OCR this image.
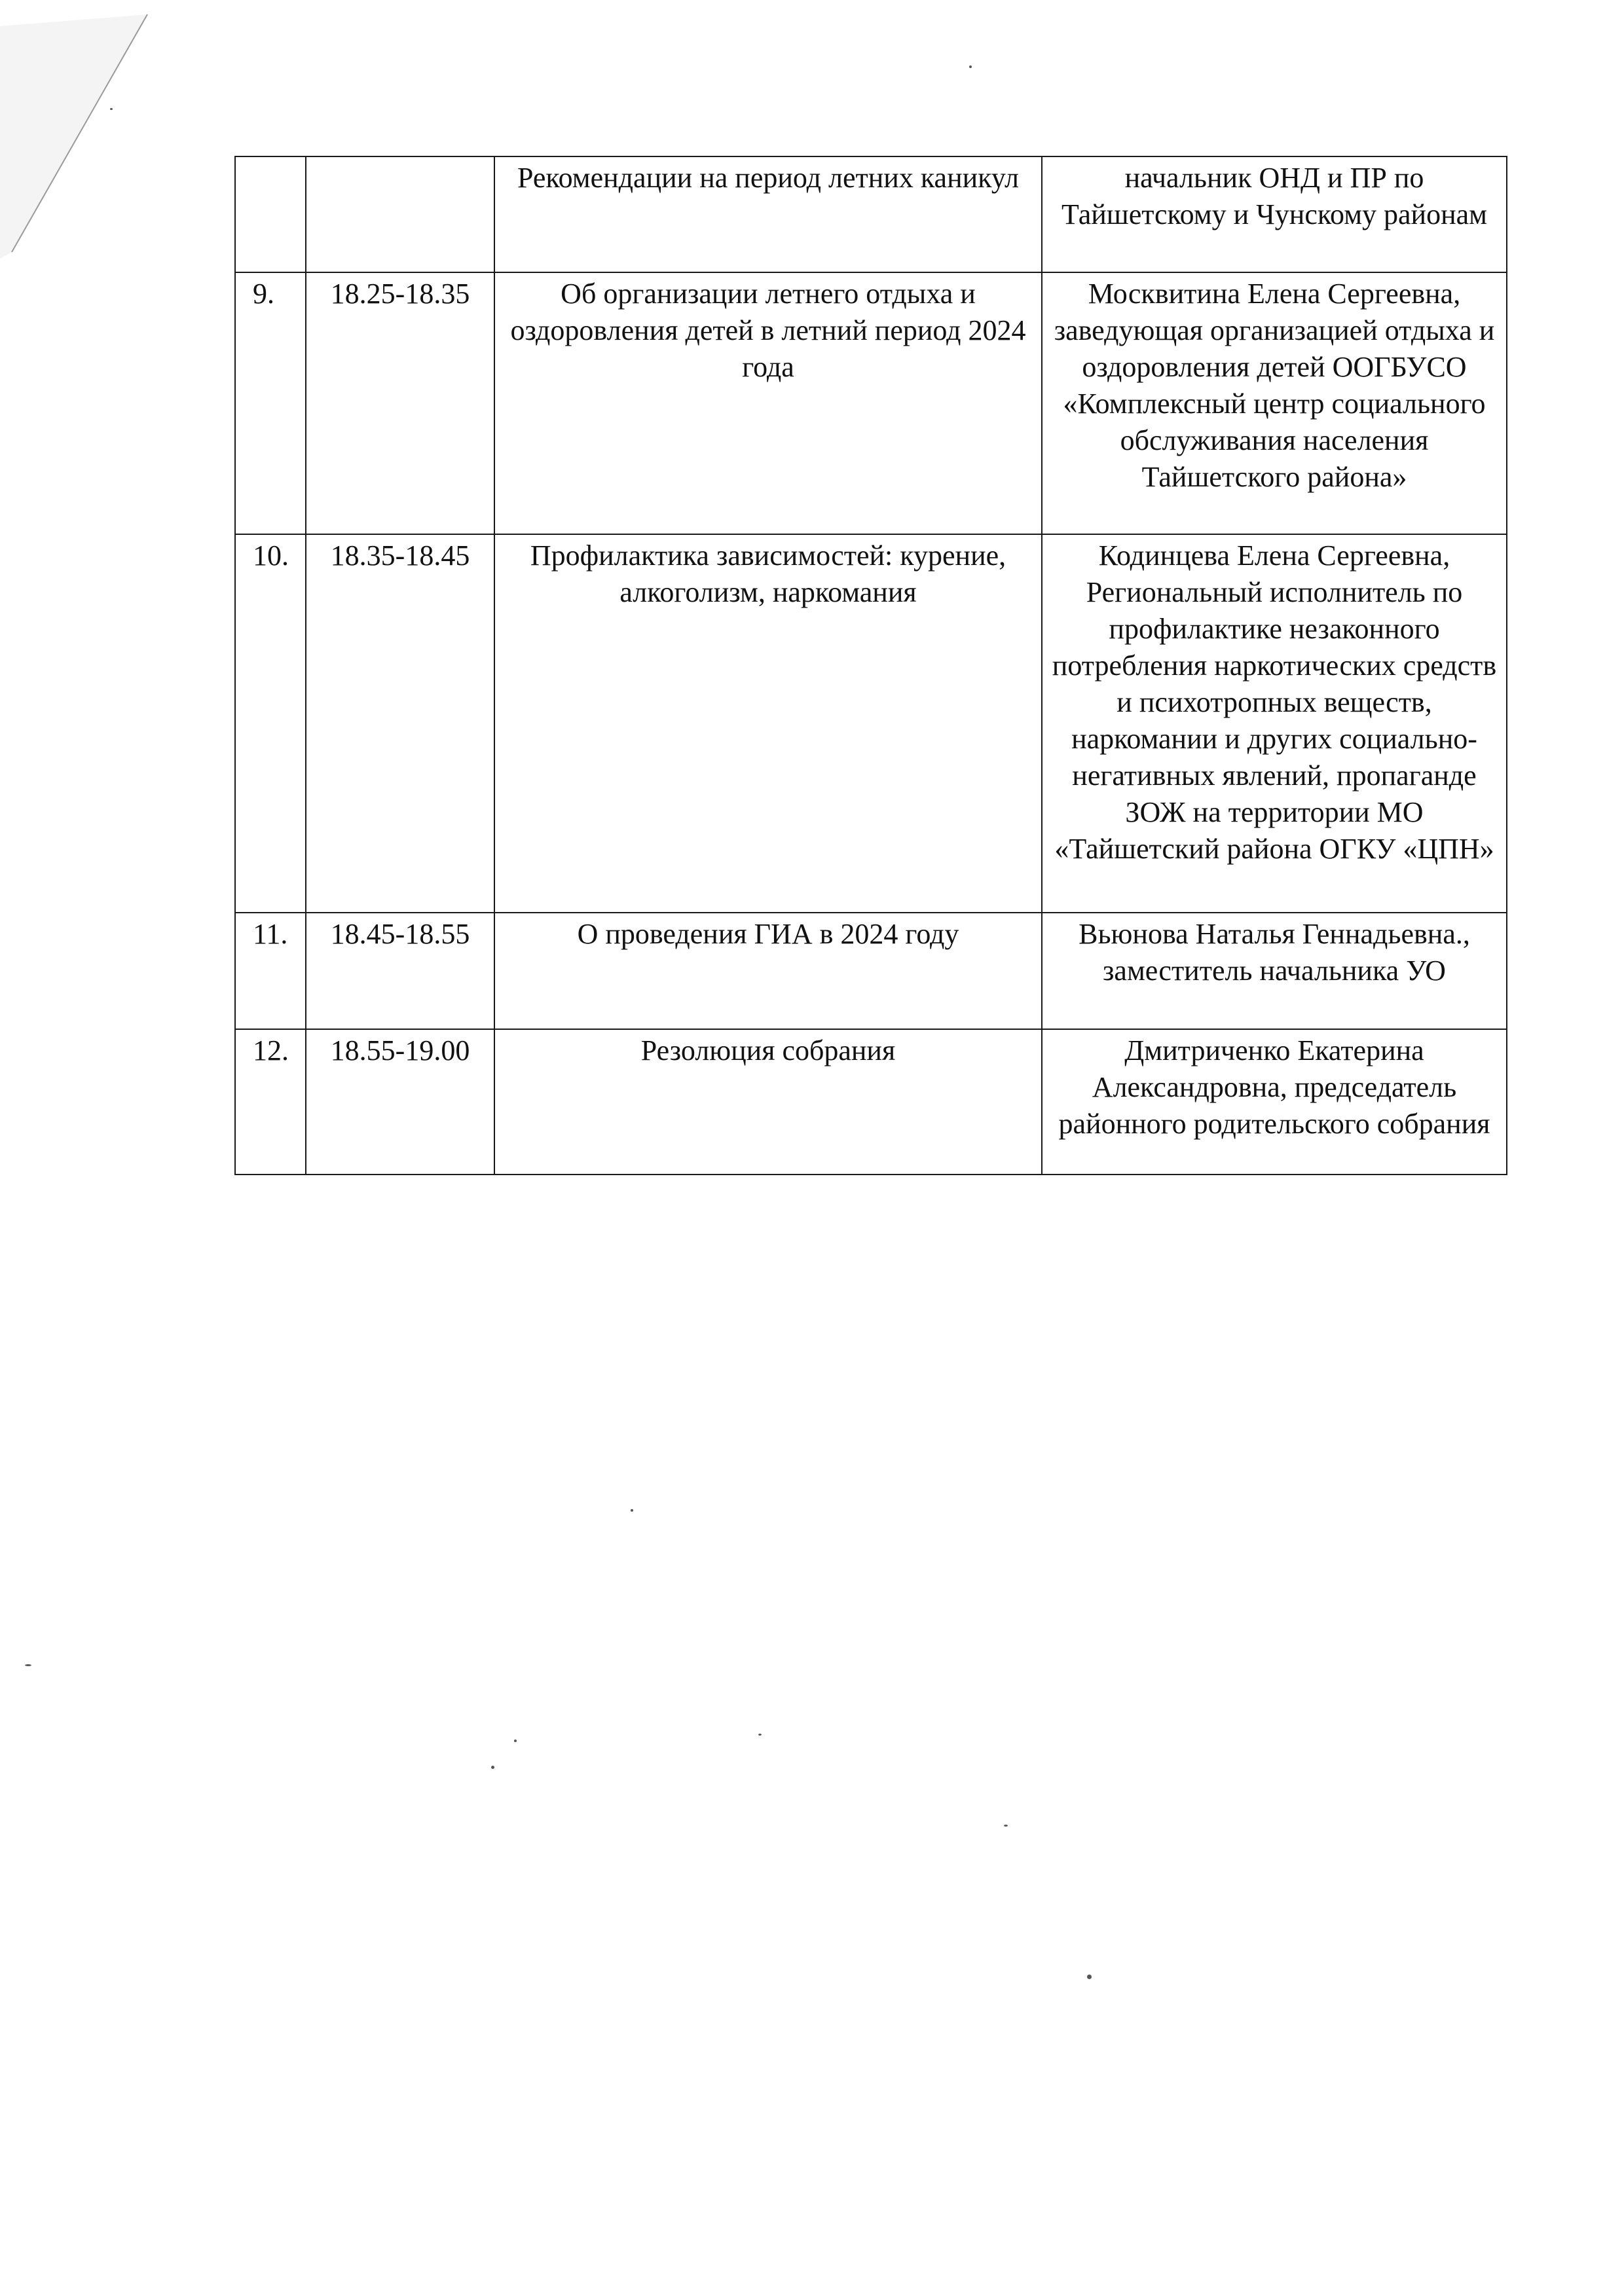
		Рекомендации на период летних каникул	начальник ОНД и ПР по Тайшетскому и Чунскому районам
9.	18.25-18.35	Об организации летнего отдыха и оздоровления детей в летний период 2024 года	Москвитина Елена Сергеевна, заведующая организацией отдыха и оздоровления детей ООГБУСО «Комплексный центр социального обслуживания населения Тайшетского района»
10.	18.35-18.45	Профилактика зависимостей: курение, алкоголизм, наркомания	Кодинцева Елена Сергеевна, Региональный исполнитель по профилактике незаконного потребления наркотических средств и психотропных веществ, наркомании и других социально-негативных явлений, пропаганде ЗОЖ на территории МО «Тайшетский района ОГКУ «ЦПН»
11.	18.45-18.55	О проведения ГИА в 2024 году	Вьюнова Наталья Геннадьевна., заместитель начальника УО
12.	18.55-19.00	Резолюция собрания	Дмитриченко Екатерина Александровна, председатель районного родительского собрания
